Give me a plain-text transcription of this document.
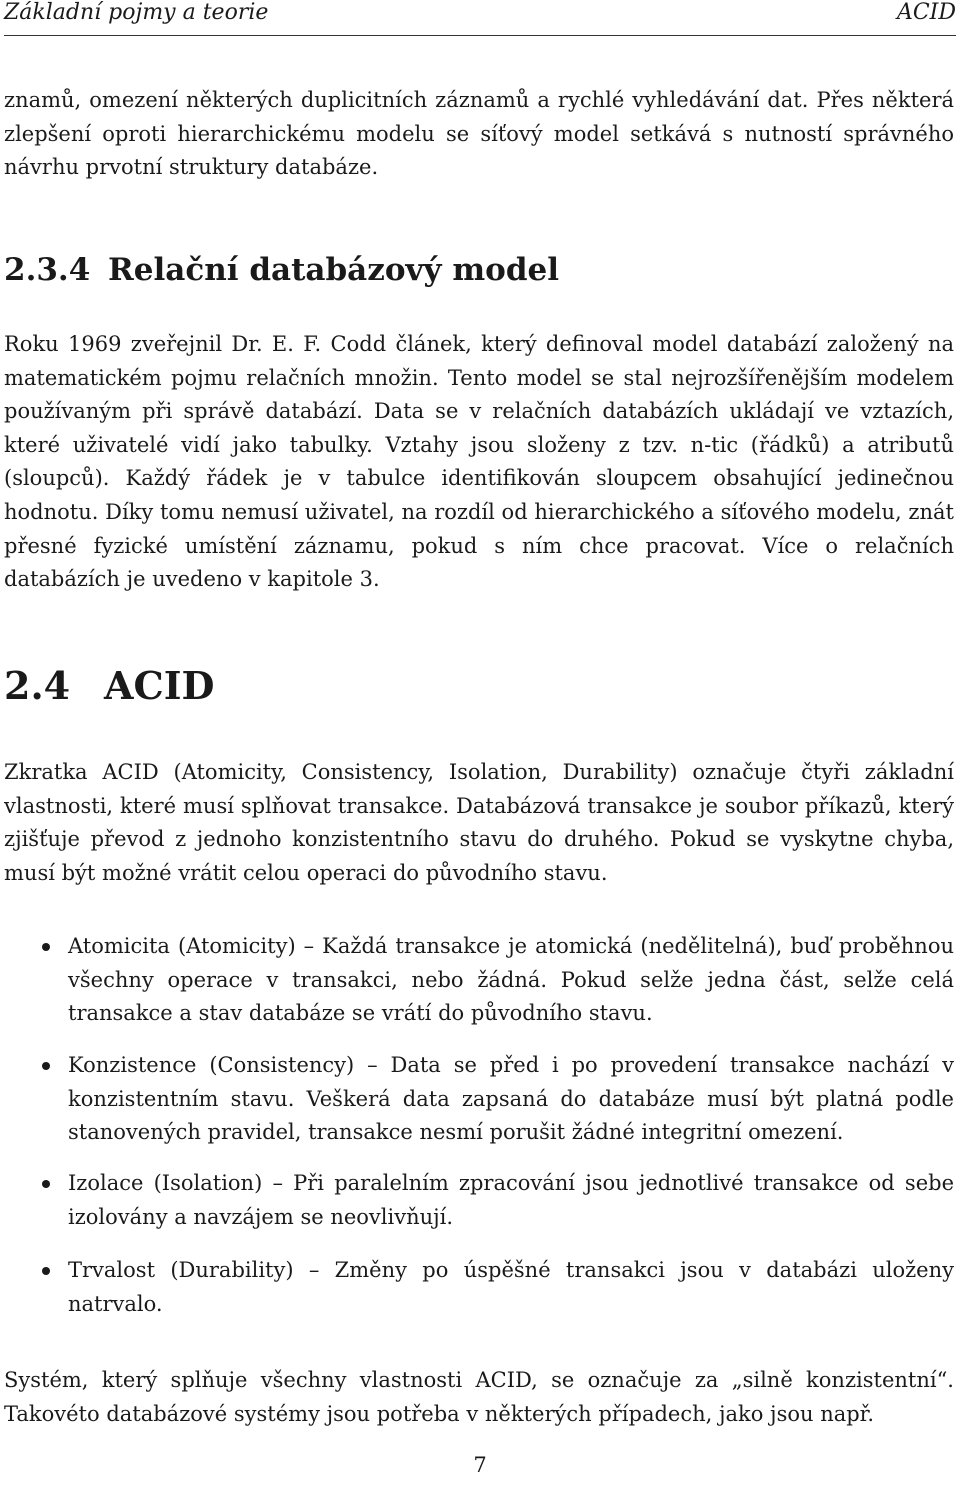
Základní pojmy a teorie	ACID

znamů, omezení některých duplicitních záznamů a rychlé vyhledávání dat. Přes některá zlepšení oproti hierarchickému modelu se síťový model setkává s nutností správného návrhu prvotní struktury databáze.

2.3.4 Relační databázový model

Roku 1969 zveřejnil Dr. E. F. Codd článek, který definoval model databází založený na matematickém pojmu relačních množin. Tento model se stal nejrozšířenějším modelem používaným při správě databází. Data se v relačních databázích ukládají ve vztazích, které uživatelé vidí jako tabulky. Vztahy jsou složeny z tzv. n-tic (řádků) a atributů (sloupců). Každý řádek je v tabulce identifikován sloupcem obsahující jedinečnou hodnotu. Díky tomu nemusí uživatel, na rozdíl od hierarchického a síťového modelu, znát přesné fyzické umístění záznamu, pokud s ním chce pracovat. Více o relačních databázích je uvedeno v kapitole 3.

2.4 ACID

Zkratka ACID (Atomicity, Consistency, Isolation, Durability) označuje čtyři základní vlastnosti, které musí splňovat transakce. Databázová transakce je soubor příkazů, který zjišťuje převod z jednoho konzistentního stavu do druhého. Pokud se vyskytne chyba, musí být možné vrátit celou operaci do původního stavu.

Atomicita (Atomicity) – Každá transakce je atomická (nedělitelná), buď proběhnou všechny operace v transakci, nebo žádná. Pokud selže jedna část, selže celá transakce a stav databáze se vrátí do původního stavu.

Konzistence (Consistency) – Data se před i po provedení transakce nachází v konzistentním stavu. Veškerá data zapsaná do databáze musí být platná podle stanovených pravidel, transakce nesmí porušit žádné integritní omezení.

Izolace (Isolation) – Při paralelním zpracování jsou jednotlivé transakce od sebe izolovány a navzájem se neovlivňují.

Trvalost (Durability) – Změny po úspěšné transakci jsou v databázi uloženy natrvalo.

Systém, který splňuje všechny vlastnosti ACID, se označuje za „silně konzistentní“. Takovéto databázové systémy jsou potřeba v některých případech, jako jsou např.

7
